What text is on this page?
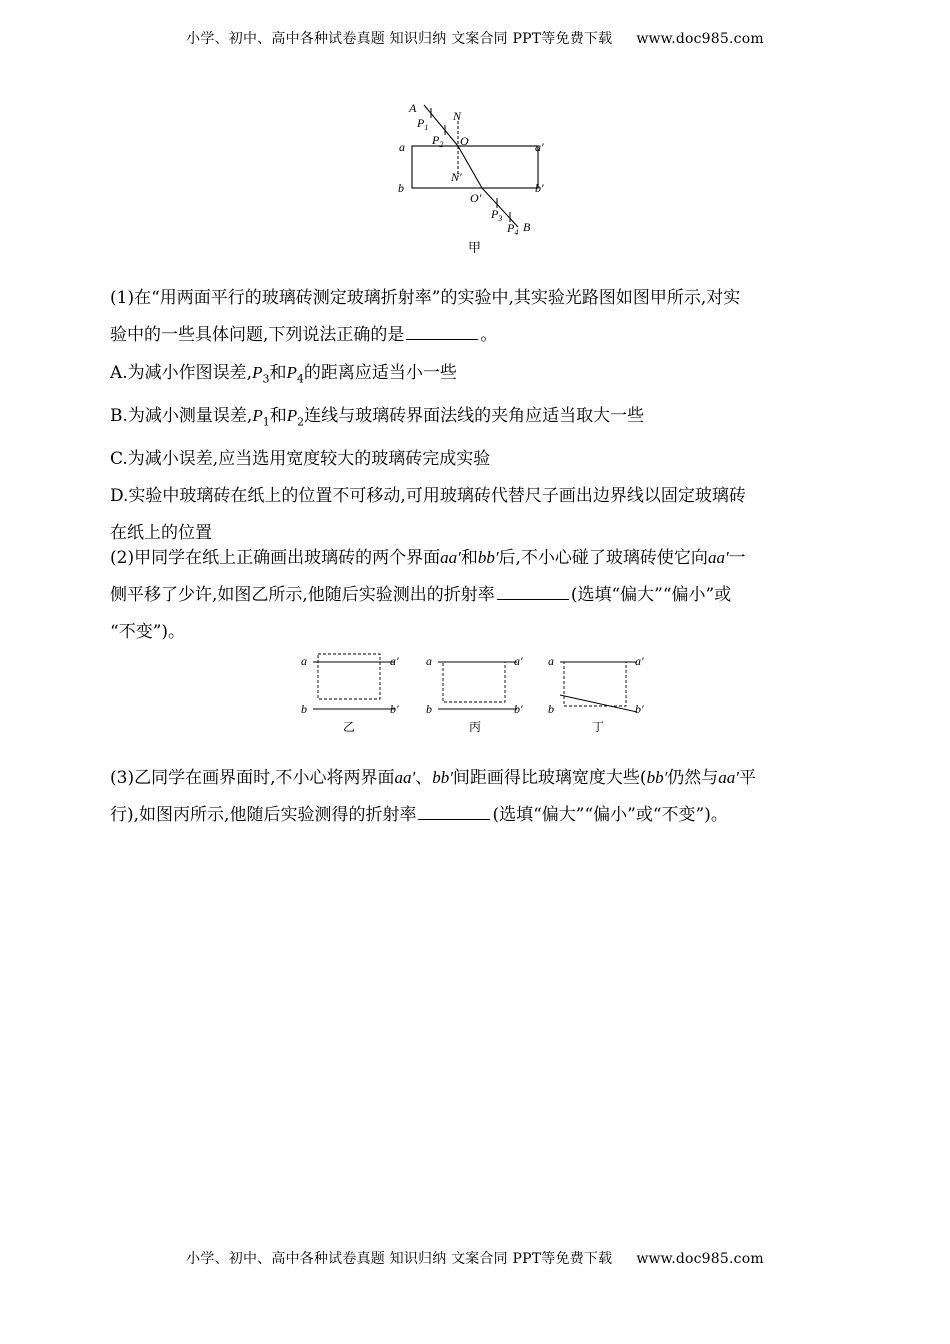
小学、初中、高中各种试卷真题 知识归纳 文案合同 PPT等免费下载 www.doc985.com
A
N
$P_1$
$P_2$ O
a	a′
N′
b	b′
O′
$P_3$
$P_4$ B
甲
(1)在“用两面平行的玻璃砖测定玻璃折射率”的实验中,其实验光路图如图甲所示,对实
验中的一些具体问题,下列说法正确的是	。
A.为减小作图误差$,P_3$和$P_4$的距离应适当小一些
B.为减小测量误差$,P_1$和$P_2$连线与玻璃砖界面法线的夹角应适当取大一些
C.为减小误差,应当选用宽度较大的玻璃砖完成实验
D.实验中玻璃砖在纸上的位置不可移动,可用玻璃砖代替尺子画出边界线以固定玻璃砖
在纸上的位置
(2)甲同学在纸上正确画出玻璃砖的两个界面aa′和bb′后,不小心碰了玻璃砖使它向aa′一
侧平移了少许,如图乙所示,他随后实验测出的折射率	(选填“偏大”“偏小”或
“不变”)。
a	a′
b	b′
乙
a	a′
b	b′
丙
a	a′
b	b′
丁
(3)乙同学在画界面时,不小心将两界面aa′、bb′间距画得比玻璃宽度大些(bb′仍然与aa′平
行),如图丙所示,他随后实验测得的折射率	(选填“偏大”“偏小”或“不变”)。
小学、初中、高中各种试卷真题 知识归纳 文案合同 PPT等免费下载 www.doc985.com
